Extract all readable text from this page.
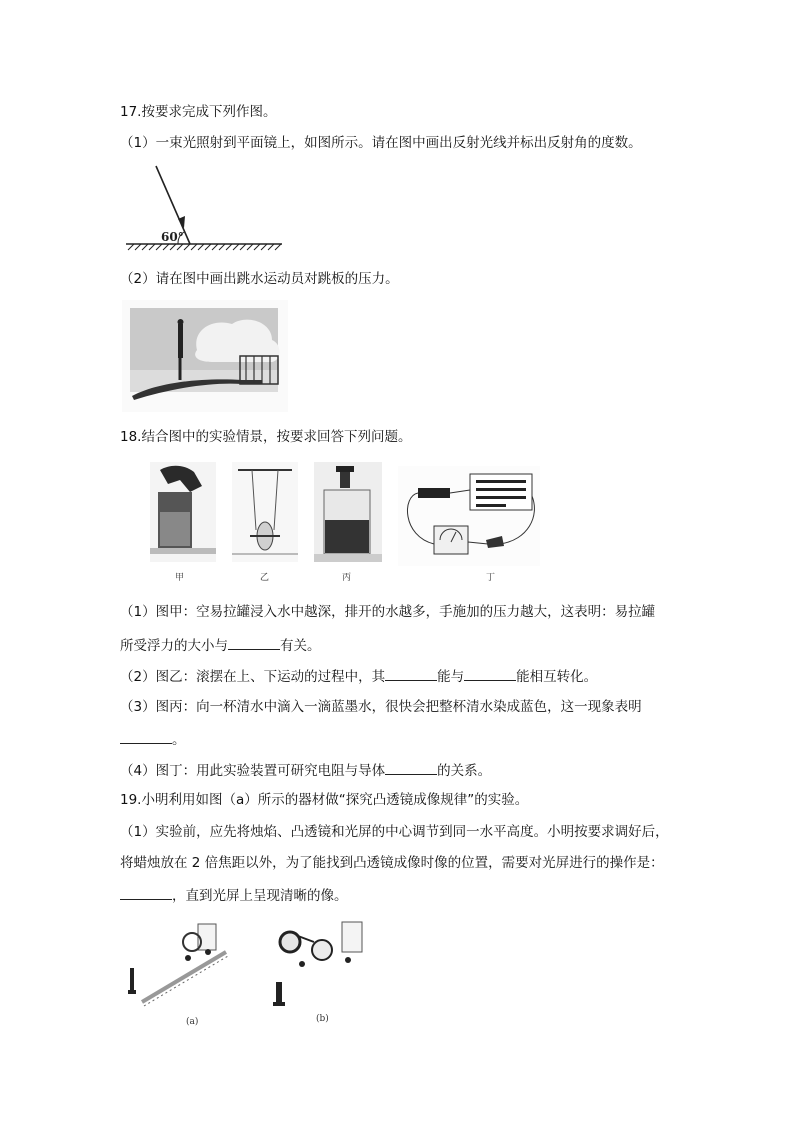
17.按要求完成下列作图。
（1）一束光照射到平面镜上，如图所示。请在图中画出反射光线并标出反射角的度数。
60°
（2）请在图中画出跳水运动员对跳板的压力。
18.结合图中的实验情景，按要求回答下列问题。
甲	乙	丙	丁
（1）图甲：空易拉罐浸入水中越深，排开的水越多，手施加的压力越大，这表明：易拉罐
所受浮力的大小与	有关。
（2）图乙：滚摆在上、下运动的过程中，其	能与	能相互转化。
（3）图丙：向一杯清水中滴入一滴蓝墨水，很快会把整杯清水染成蓝色，这一现象表明
。
（4）图丁：用此实验装置可研究电阻与导体	的关系。
19.小明利用如图（a）所示的器材做“探究凸透镜成像规律”的实验。
（1）实验前，应先将烛焰、凸透镜和光屏的中心调节到同一水平高度。小明按要求调好后，
将蜡烛放在 2 倍焦距以外，为了能找到凸透镜成像时像的位置，需要对光屏进行的操作是：
，直到光屏上呈现清晰的像。
(a)	(b)
